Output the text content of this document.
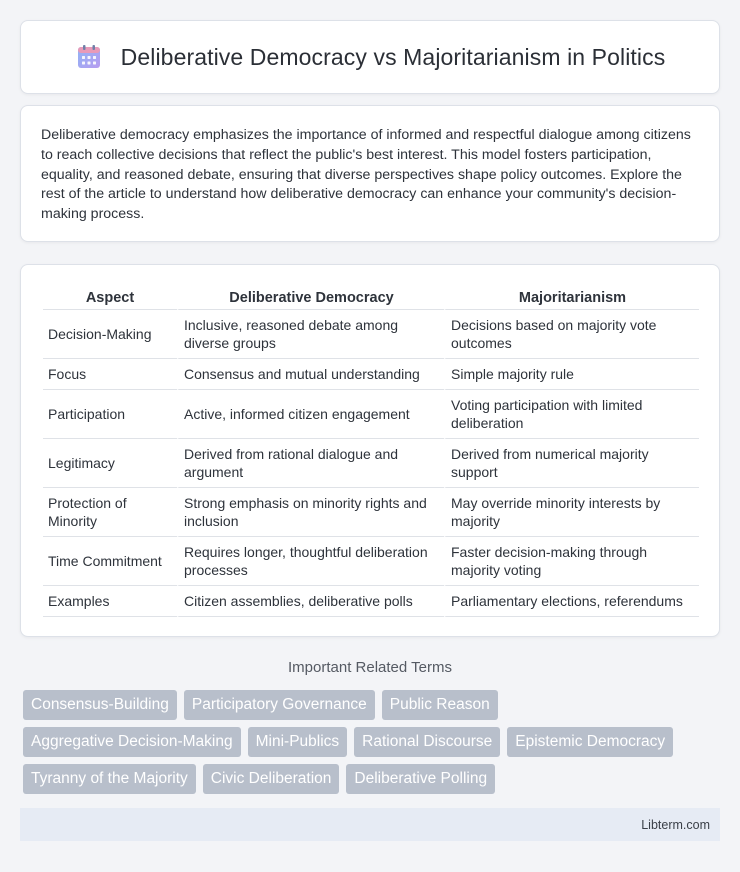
Deliberative Democracy vs Majoritarianism in Politics

Deliberative democracy emphasizes the importance of informed and respectful dialogue among citizens to reach collective decisions that reflect the public's best interest. This model fosters participation, equality, and reasoned debate, ensuring that diverse perspectives shape policy outcomes. Explore the rest of the article to understand how deliberative democracy can enhance your community's decision-making process.

Aspect	Deliberative Democracy	Majoritarianism
Decision-Making	Inclusive, reasoned debate among diverse groups	Decisions based on majority vote outcomes
Focus	Consensus and mutual understanding	Simple majority rule
Participation	Active, informed citizen engagement	Voting participation with limited deliberation
Legitimacy	Derived from rational dialogue and argument	Derived from numerical majority support
Protection of Minority	Strong emphasis on minority rights and inclusion	May override minority interests by majority
Time Commitment	Requires longer, thoughtful deliberation processes	Faster decision-making through majority voting
Examples	Citizen assemblies, deliberative polls	Parliamentary elections, referendums
Important Related Terms
Consensus-Building	Participatory Governance	Public Reason
Aggregative Decision-Making	Mini-Publics	Rational Discourse	Epistemic Democracy
Tyranny of the Majority	Civic Deliberation	Deliberative Polling
Libterm.com
